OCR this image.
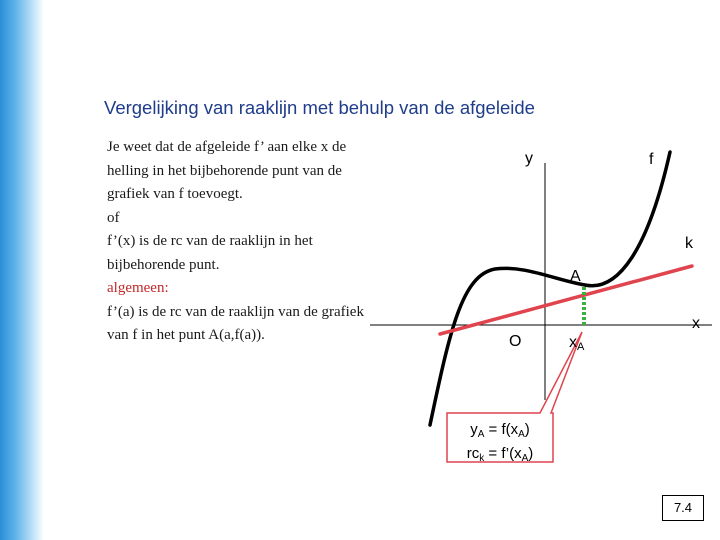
Vergelijking van raaklijn met behulp van de afgeleide
Je weet dat de afgeleide f’ aan elke x de
helling in het bijbehorende punt van de
grafiek van f toevoegt.
of
f’(x) is de rc van de raaklijn in het
bijbehorende punt.
algemeen:
f’(a) is de rc van de raaklijn van de grafiek
van f in het punt A(a,f(a)).
y	f
k
A
x
O	$x_A$
$y_A = f(x_A)$
$rc_k$ = $f’(x_A)$
7.4
